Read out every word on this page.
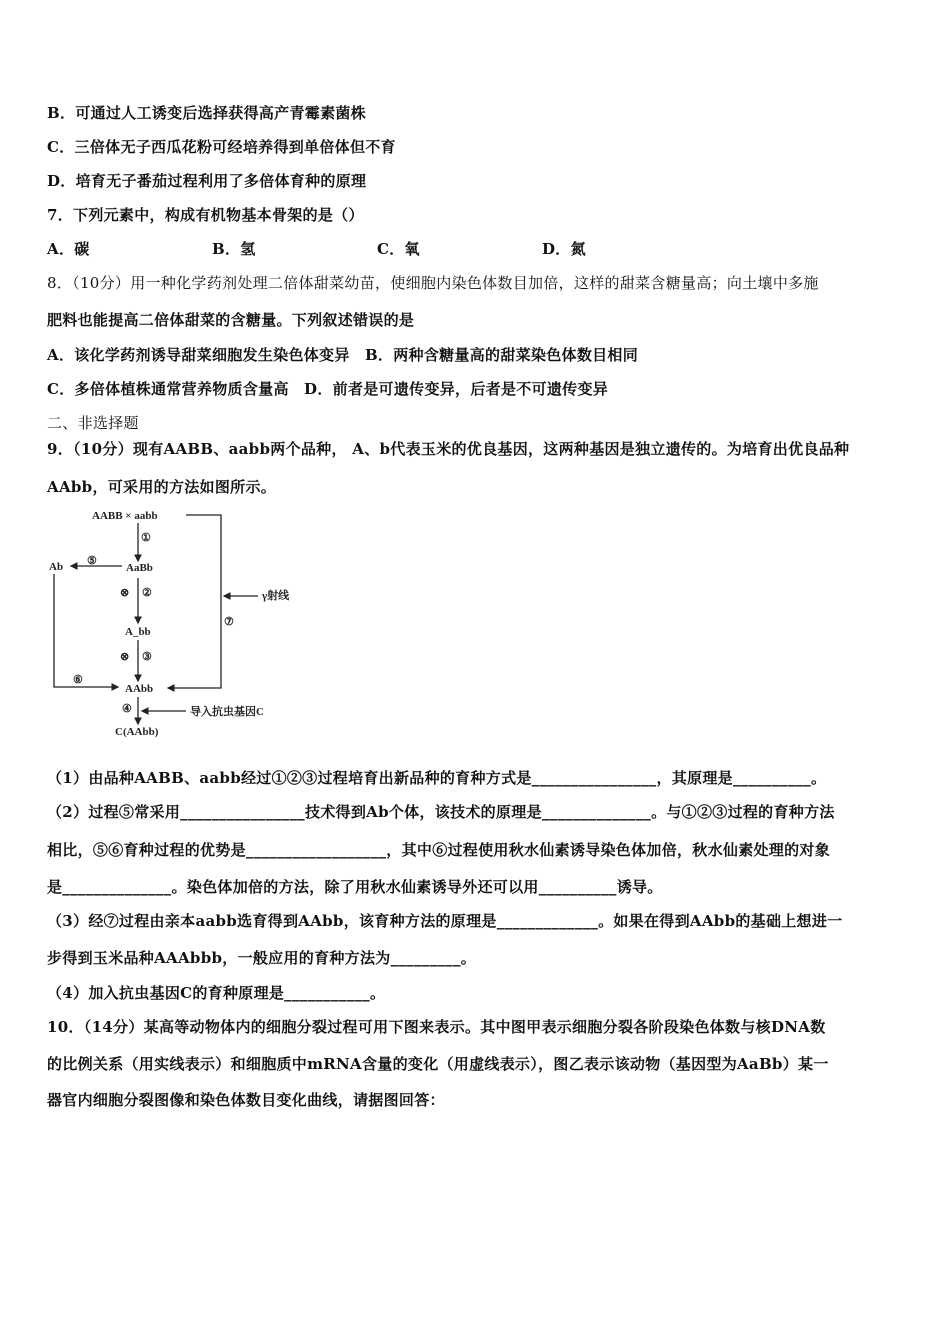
B．可通过人工诱变后选择获得高产青霉素菌株
C．三倍体无子西瓜花粉可经培养得到单倍体但不育
D．培育无子番茄过程利用了多倍体育种的原理
7．下列元素中，构成有机物基本骨架的是（）
A．碳	B．氢	C．氧	D．氮
8．（10分）用一种化学药剂处理二倍体甜菜幼苗，使细胞内染色体数目加倍，这样的甜菜含糖量高；向土壤中多施
肥料也能提高二倍体甜菜的含糖量。下列叙述错误的是
A．该化学药剂诱导甜菜细胞发生染色体变异　B．两种含糖量高的甜菜染色体数目相同
C．多倍体植株通常营养物质含量高　D．前者是可遗传变异，后者是不可遗传变异
二、非选择题
9．（10分）现有AABB、aabb两个品种， A、b代表玉米的优良基因，这两种基因是独立遗传的。为培育出优良品种
AAbb，可采用的方法如图所示。
AABB × aabb
①
AaBb
Ab ⑤
⊗ ②	γ射线
⑦
A_bb
⊗ ③
⑥
AAbb
④	导入抗虫基因C
C(AAbb)
（1）由品种AABB、aabb经过①②③过程培育出新品种的育种方式是________________，其原理是__________。
（2）过程⑤常采用________________技术得到Ab个体，该技术的原理是______________。与①②③过程的育种方法
相比，⑤⑥育种过程的优势是__________________，其中⑥过程使用秋水仙素诱导染色体加倍，秋水仙素处理的对象
是______________。染色体加倍的方法，除了用秋水仙素诱导外还可以用__________诱导。
（3）经⑦过程由亲本aabb选育得到AAbb，该育种方法的原理是_____________。如果在得到AAbb的基础上想进一
步得到玉米品种AAAbbb，一般应用的育种方法为_________。
（4）加入抗虫基因C的育种原理是___________。
10．（14分）某高等动物体内的细胞分裂过程可用下图来表示。其中图甲表示细胞分裂各阶段染色体数与核DNA数
的比例关系（用实线表示）和细胞质中mRNA含量的变化（用虚线表示），图乙表示该动物（基因型为AaBb）某一
器官内细胞分裂图像和染色体数目变化曲线，请据图回答：
